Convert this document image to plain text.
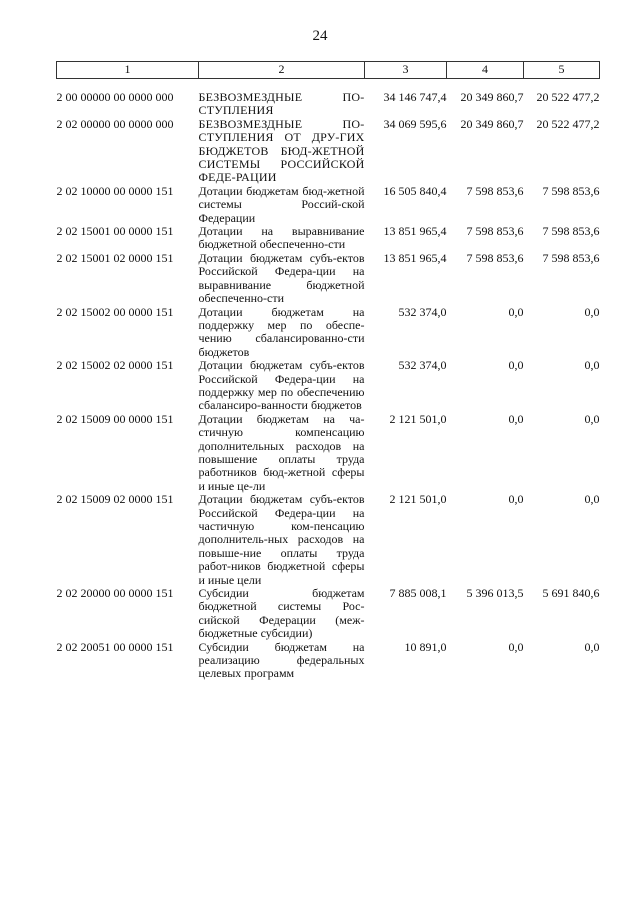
24
1	2	3	4	5
2 00 00000 00 0000 000	БЕЗВОЗМЕЗДНЫЕ ПО-СТУПЛЕНИЯ	34 146 747,4	20 349 860,7	20 522 477,2
2 02 00000 00 0000 000	БЕЗВОЗМЕЗДНЫЕ ПО-СТУПЛЕНИЯ ОТ ДРУ-ГИХ БЮДЖЕТОВ БЮД-ЖЕТНОЙ СИСТЕМЫ РОССИЙСКОЙ ФЕДЕ-РАЦИИ	34 069 595,6	20 349 860,7	20 522 477,2
2 02 10000 00 0000 151	Дотации бюджетам бюд-жетной системы Россий-ской Федерации	16 505 840,4	7 598 853,6	7 598 853,6
2 02 15001 00 0000 151	Дотации на выравнивание бюджетной обеспеченно-сти	13 851 965,4	7 598 853,6	7 598 853,6
2 02 15001 02 0000 151	Дотации бюджетам субъ-ектов Российской Федера-ции на выравнивание бюджетной обеспеченно-сти	13 851 965,4	7 598 853,6	7 598 853,6
2 02 15002 00 0000 151	Дотации бюджетам на поддержку мер по обеспе-чению сбалансированно-сти бюджетов	532 374,0	0,0	0,0
2 02 15002 02 0000 151	Дотации бюджетам субъ-ектов Российской Федера-ции на поддержку мер по обеспечению сбалансиро-ванности бюджетов	532 374,0	0,0	0,0
2 02 15009 00 0000 151	Дотации бюджетам на ча-стичную компенсацию дополнительных расходов на повышение оплаты труда работников бюд-жетной сферы и иные це-ли	2 121 501,0	0,0	0,0
2 02 15009 02 0000 151	Дотации бюджетам субъ-ектов Российской Федера-ции на частичную ком-пенсацию дополнитель-ных расходов на повыше-ние оплаты труда работ-ников бюджетной сферы и иные цели	2 121 501,0	0,0	0,0
2 02 20000 00 0000 151	Субсидии бюджетам бюджетной системы Рос-сийской Федерации (меж-бюджетные субсидии)	7 885 008,1	5 396 013,5	5 691 840,6
2 02 20051 00 0000 151	Субсидии бюджетам на реализацию федеральных целевых программ	10 891,0	0,0	0,0
